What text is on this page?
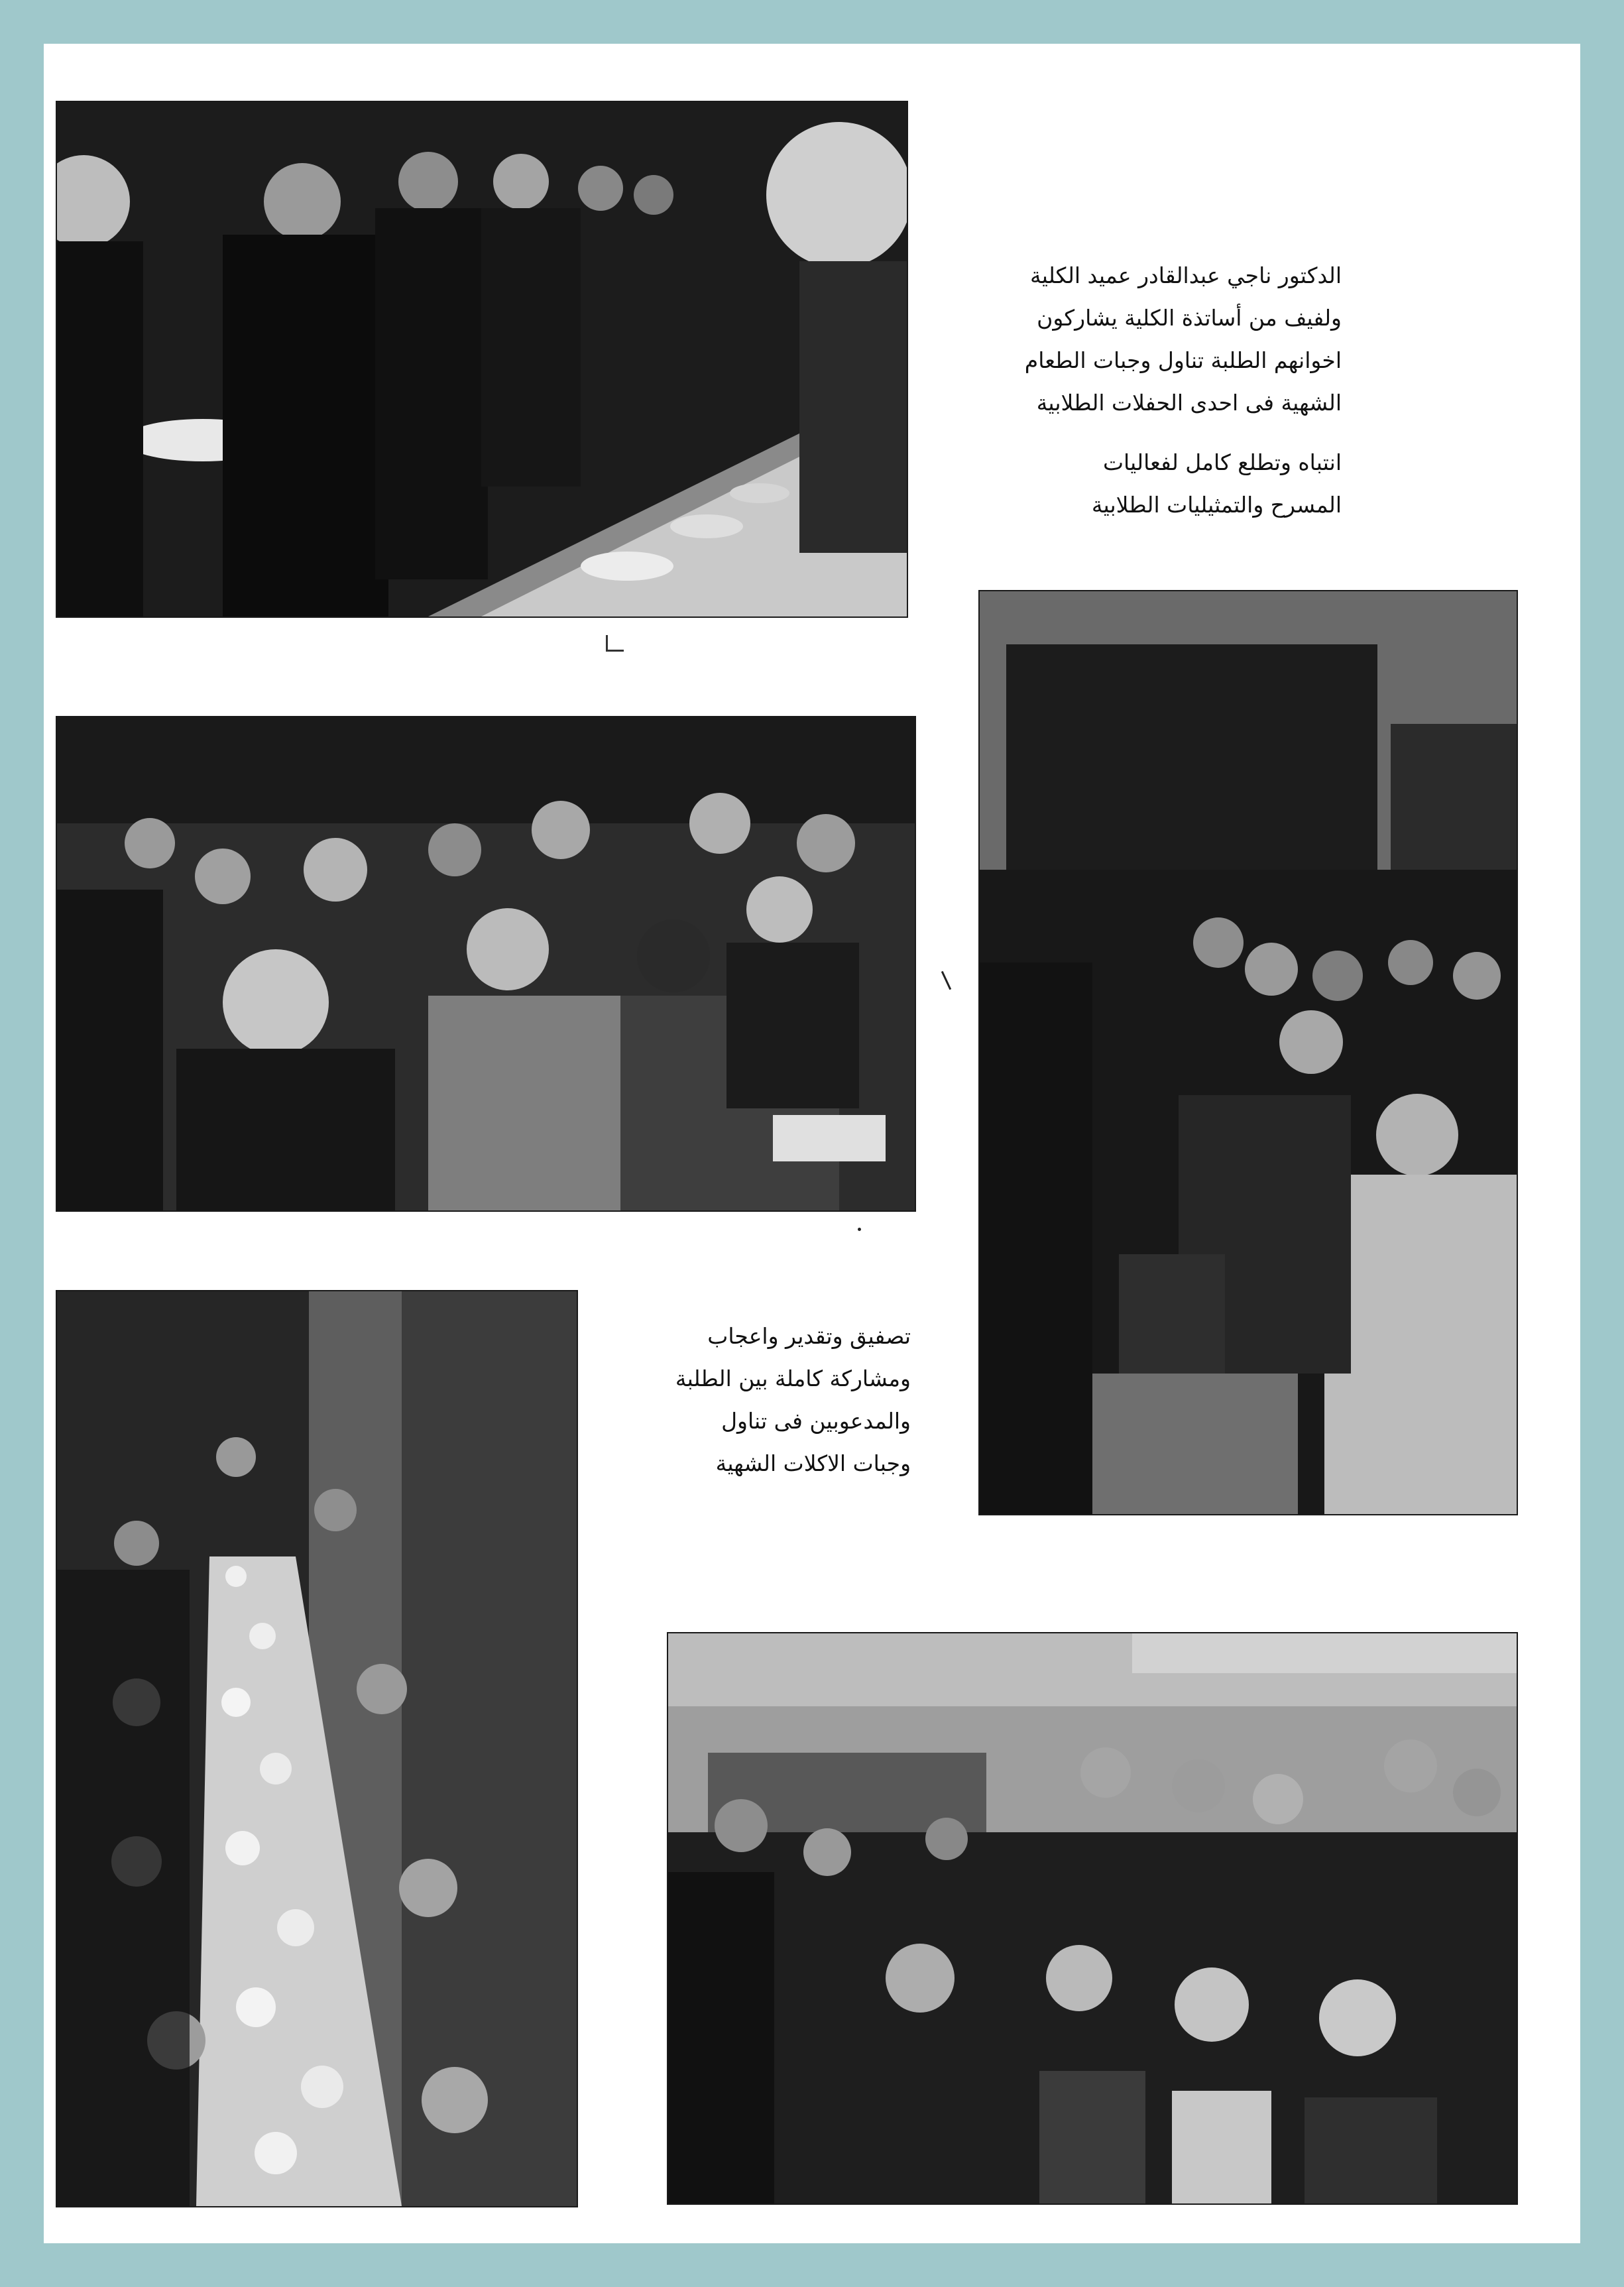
الدكتور ناجي عبدالقادر عميد الكلية
ولفيف من أساتذة الكلية يشاركون
اخوانهم الطلبة تناول وجبات الطعام
الشهية فى احدى الحفلات الطلابية
انتباه وتطلع كامل لفعاليات
المسرح والتمثيليات الطلابية
تصفيق وتقدير واعجاب
ومشاركة كاملة بين الطلبة
والمدعوبين فى تناول
وجبات الاكلات الشهية
